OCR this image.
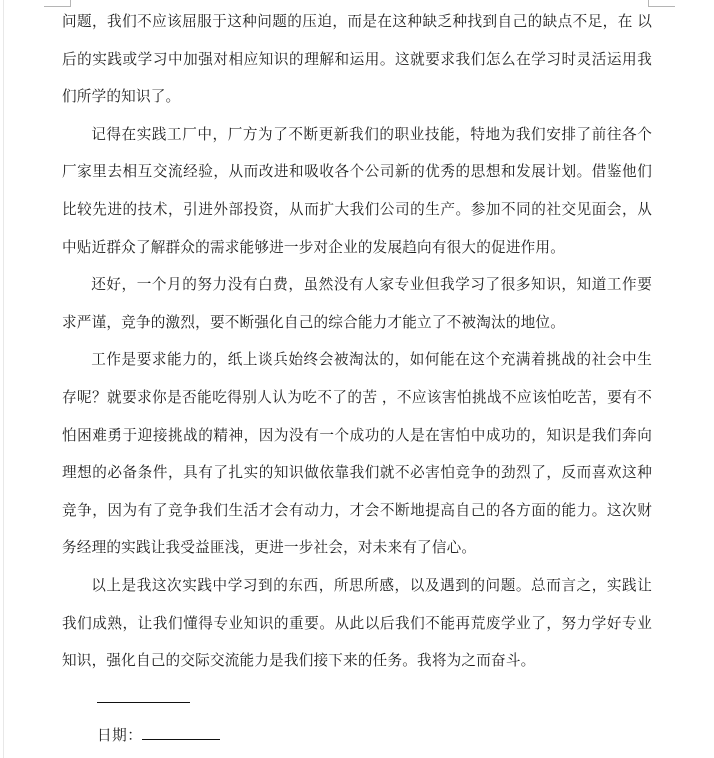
问题，我们不应该屈服于这种问题的压迫，而是在这种缺乏种找到自己的缺点不足，在 以后的实践或学习中加强对相应知识的理解和运用。这就要求我们怎么在学习时灵活运用我们所学的知识了。

记得在实践工厂中，厂方为了不断更新我们的职业技能，特地为我们安排了前往各个厂家里去相互交流经验，从而改进和吸收各个公司新的优秀的思想和发展计划。借鉴他们比较先进的技术，引进外部投资，从而扩大我们公司的生产。参加不同的社交见面会，从中贴近群众了解群众的需求能够进一步对企业的发展趋向有很大的促进作用。

还好，一个月的努力没有白费，虽然没有人家专业但我学习了很多知识，知道工作要求严谨，竞争的激烈，要不断强化自己的综合能力才能立了不被淘汰的地位。

工作是要求能力的，纸上谈兵始终会被淘汰的，如何能在这个充满着挑战的社会中生存呢？就要求你是否能吃得别人认为吃不了的苦 ，不应该害怕挑战不应该怕吃苦，要有不怕困难勇于迎接挑战的精神，因为没有一个成功的人是在害怕中成功的，知识是我们奔向理想的必备条件，具有了扎实的知识做依靠我们就不必害怕竞争的劲烈了，反而喜欢这种竞争，因为有了竞争我们生活才会有动力，才会不断地提高自己的各方面的能力。这次财务经理的实践让我受益匪浅，更进一步社会，对未来有了信心。

以上是我这次实践中学习到的东西，所思所感，以及遇到的问题。总而言之，实践让我们成熟，让我们懂得专业知识的重要。从此以后我们不能再荒废学业了，努力学好专业知识，强化自己的交际交流能力是我们接下来的任务。我将为之而奋斗。

日期：
